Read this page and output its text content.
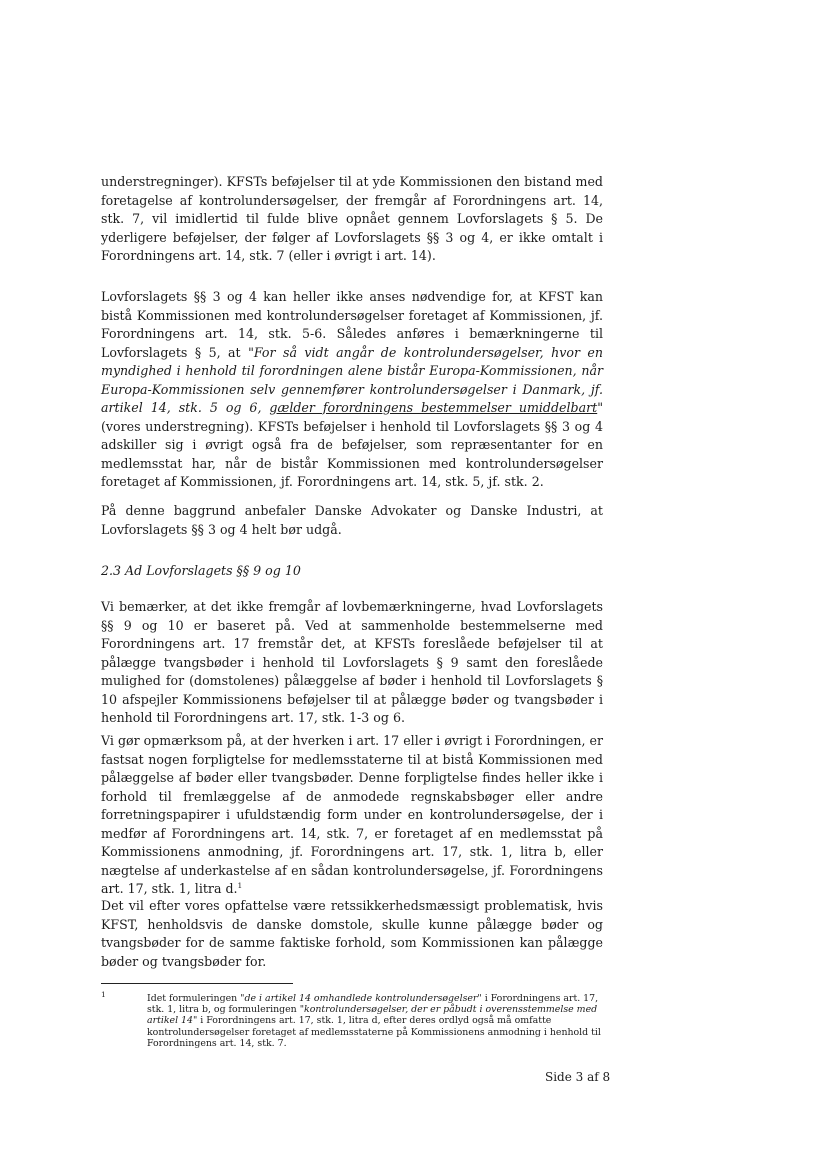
understregninger). KFSTs beføjelser til at yde Kommissionen den bistand med foretagelse af kontrolundersøgelser, der fremgår af Forordningens art. 14, stk. 7, vil imidlertid til fulde blive opnået gennem Lovforslagets § 5. De yderligere beføjelser, der følger af Lovforslagets §§ 3 og 4, er ikke omtalt i Forordningens art. 14, stk. 7 (eller i øvrigt i art. 14).

Lovforslagets §§ 3 og 4 kan heller ikke anses nødvendige for, at KFST kan bistå Kommissionen med kontrolundersøgelser foretaget af Kommissionen, jf. Forordningens art. 14, stk. 5-6. Således anføres i bemærkningerne til Lovforslagets § 5, at "For så vidt angår de kontrolundersøgelser, hvor en myndighed i henhold til forordningen alene bistår Europa-Kommissionen, når Europa-Kommissionen selv gennemfører kontrolundersøgelser i Danmark, jf. artikel 14, stk. 5 og 6, gælder forordningens bestemmelser umiddelbart" (vores understregning). KFSTs beføjelser i henhold til Lovforslagets §§ 3 og 4 adskiller sig i øvrigt også fra de beføjelser, som repræsentanter for en medlemsstat har, når de bistår Kommissionen med kontrolundersøgelser foretaget af Kommissionen, jf. Forordningens art. 14, stk. 5, jf. stk. 2.

På denne baggrund anbefaler Danske Advokater og Danske Industri, at Lovforslagets §§ 3 og 4 helt bør udgå.

2.3 Ad Lovforslagets §§ 9 og 10

Vi bemærker, at det ikke fremgår af lovbemærkningerne, hvad Lovforslagets §§ 9 og 10 er baseret på. Ved at sammenholde bestemmelserne med Forordningens art. 17 fremstår det, at KFSTs foreslåede beføjelser til at pålægge tvangsbøder i henhold til Lovforslagets § 9 samt den foreslåede mulighed for (domstolenes) pålæggelse af bøder i henhold til Lovforslagets § 10 afspejler Kommissionens beføjelser til at pålægge bøder og tvangsbøder i henhold til Forordningens art. 17, stk. 1-3 og 6.

Vi gør opmærksom på, at der hverken i art. 17 eller i øvrigt i Forordningen, er fastsat nogen forpligtelse for medlemsstaterne til at bistå Kommissionen med pålæggelse af bøder eller tvangsbøder. Denne forpligtelse findes heller ikke i forhold til fremlæggelse af de anmodede regnskabsbøger eller andre forretningspapirer i ufuldstændig form under en kontrolundersøgelse, der i medfør af Forordningens art. 14, stk. 7, er foretaget af en medlemsstat på Kommissionens anmodning, jf. Forordningens art. 17, stk. 1, litra b, eller nægtelse af underkastelse af en sådan kontrolundersøgelse, jf. Forordningens art. 17, stk. 1, litra d.$^1$

Det vil efter vores opfattelse være retssikkerhedsmæssigt problematisk, hvis KFST, henholdsvis de danske domstole, skulle kunne pålægge bøder og tvangsbøder for de samme faktiske forhold, som Kommissionen kan pålægge bøder og tvangsbøder for.

1	Idet formuleringen "de i artikel 14 omhandlede kontrolundersøgelser" i Forordningens art. 17, stk. 1, litra b, og formuleringen "kontrolundersøgelser, der er påbudt i overensstemmelse med artikel 14" i Forordningens art. 17, stk. 1, litra d, efter deres ordlyd også må omfatte kontrolundersøgelser foretaget af medlemsstaterne på Kommissionens anmodning i henhold til Forordningens art. 14, stk. 7.

Side 3 af 8
